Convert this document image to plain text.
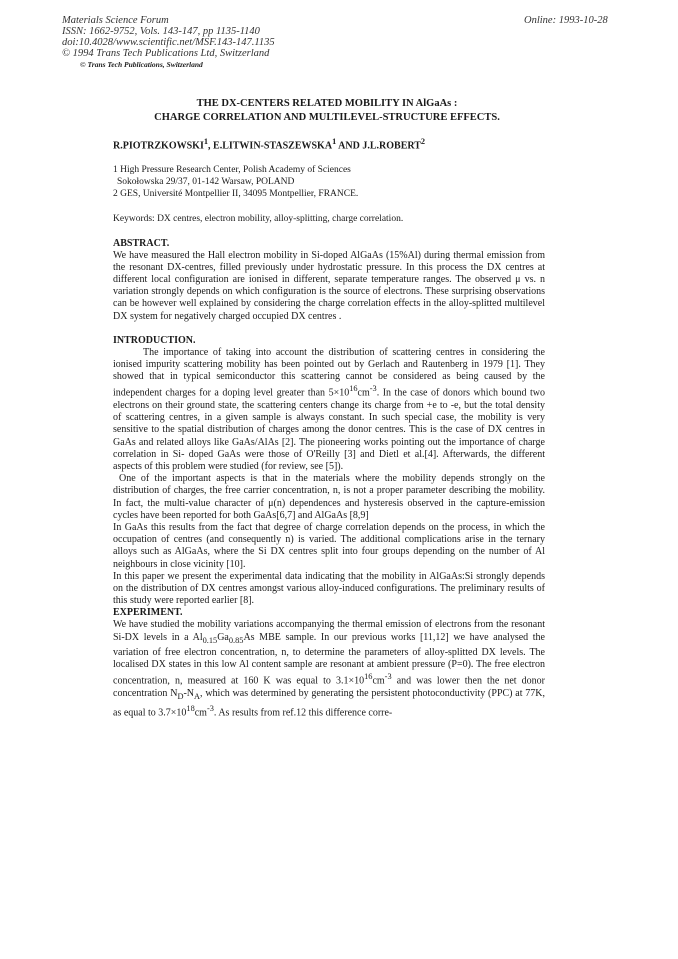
Materials Science Forum
ISSN: 1662-9752, Vols. 143-147, pp 1135-1140
doi:10.4028/www.scientific.net/MSF.143-147.1135
© 1994 Trans Tech Publications Ltd, Switzerland
© Trans Tech Publications, Switzerland
Online: 1993-10-28
THE DX-CENTERS RELATED MOBILITY IN AlGaAs :
CHARGE CORRELATION AND MULTILEVEL-STRUCTURE EFFECTS.
R.PIOTRZKOWSKI$^1$, E.LITWIN-STASZEWSKA$^1$ AND J.L.ROBERT$^2$
1 High Pressure Research Center, Polish Academy of Sciences
Sokołowska 29/37, 01-142 Warsaw, POLAND
2 GES, Université Montpellier II, 34095 Montpellier, FRANCE.
Keywords: DX centres, electron mobility, alloy-splitting, charge correlation.
ABSTRACT.

We have measured the Hall electron mobility in Si-doped AlGaAs (15%Al) during thermal emission from the resonant DX-centres, filled previously under hydrostatic pressure. In this process the DX centres at different local configuration are ionised in different, separate temperature ranges. The observed μ vs. n variation strongly depends on which configuration is the source of electrons. These surprising observations can be however well explained by considering the charge correlation effects in the alloy-splitted multilevel DX system for negatively charged occupied DX centres .

INTRODUCTION.

The importance of taking into account the distribution of scattering centres in considering the ionised impurity scattering mobility has been pointed out by Gerlach and Rautenberg in 1979 [1]. They showed that in typical semiconductor this scattering cannot be considered as being caused by the independent charges for a doping level greater than $5\times 10^{16}cm^{-3}$. In the case of donors which bound two electrons on their ground state, the scattering centers change its charge from +e to -e, but the total density of scattering centres, in a given sample is always constant. In such special case, the mobility is very sensitive to the spatial distribution of charges among the donor centres. This is the case of DX centres in GaAs and related alloys like GaAs/AlAs [2]. The pioneering works pointing out the importance of charge correlation in Si- doped GaAs were those of O'Reilly [3] and Dietl et al.[4]. Afterwards, the different aspects of this problem were studied (for review, see [5]).

One of the important aspects is that in the materials where the mobility depends strongly on the distribution of charges, the free carrier concentration, n, is not a proper parameter describing the mobility. In fact, the multi-value character of μ(n) dependences and hysteresis observed in the capture-emission cycles have been reported for both GaAs[6,7] and AlGaAs [8,9]

In GaAs this results from the fact that degree of charge correlation depends on the process, in which the occupation of centres (and consequently n) is varied. The additional complications arise in the ternary alloys such as AlGaAs, where the Si DX centres split into four groups depending on the number of Al neighbours in close vicinity [10].

In this paper we present the experimental data indicating that the mobility in AlGaAs:Si strongly depends on the distribution of DX centres amongst various alloy-induced configurations. The preliminary results of this study were reported earlier [8].

EXPERIMENT.

We have studied the mobility variations accompanying the thermal emission of electrons from the resonant Si-DX levels in a $Al_{0.15}Ga_{0.85}As$ MBE sample. In our previous works [11,12] we have analysed the variation of free electron concentration, n, to determine the parameters of alloy-splitted DX levels. The localised DX states in this low Al content sample are resonant at ambient pressure (P=0). The free electron concentration, n, measured at 160 K was equal to $3.1\times 10^{16}cm^{-3}$ and was lower then the net donor concentration $N_D-N_A$, which was determined by generating the persistent photoconductivity (PPC) at 77K, as equal to $3.7\times 10^{18}cm^{-3}$. As results from ref.12 this difference corre-
